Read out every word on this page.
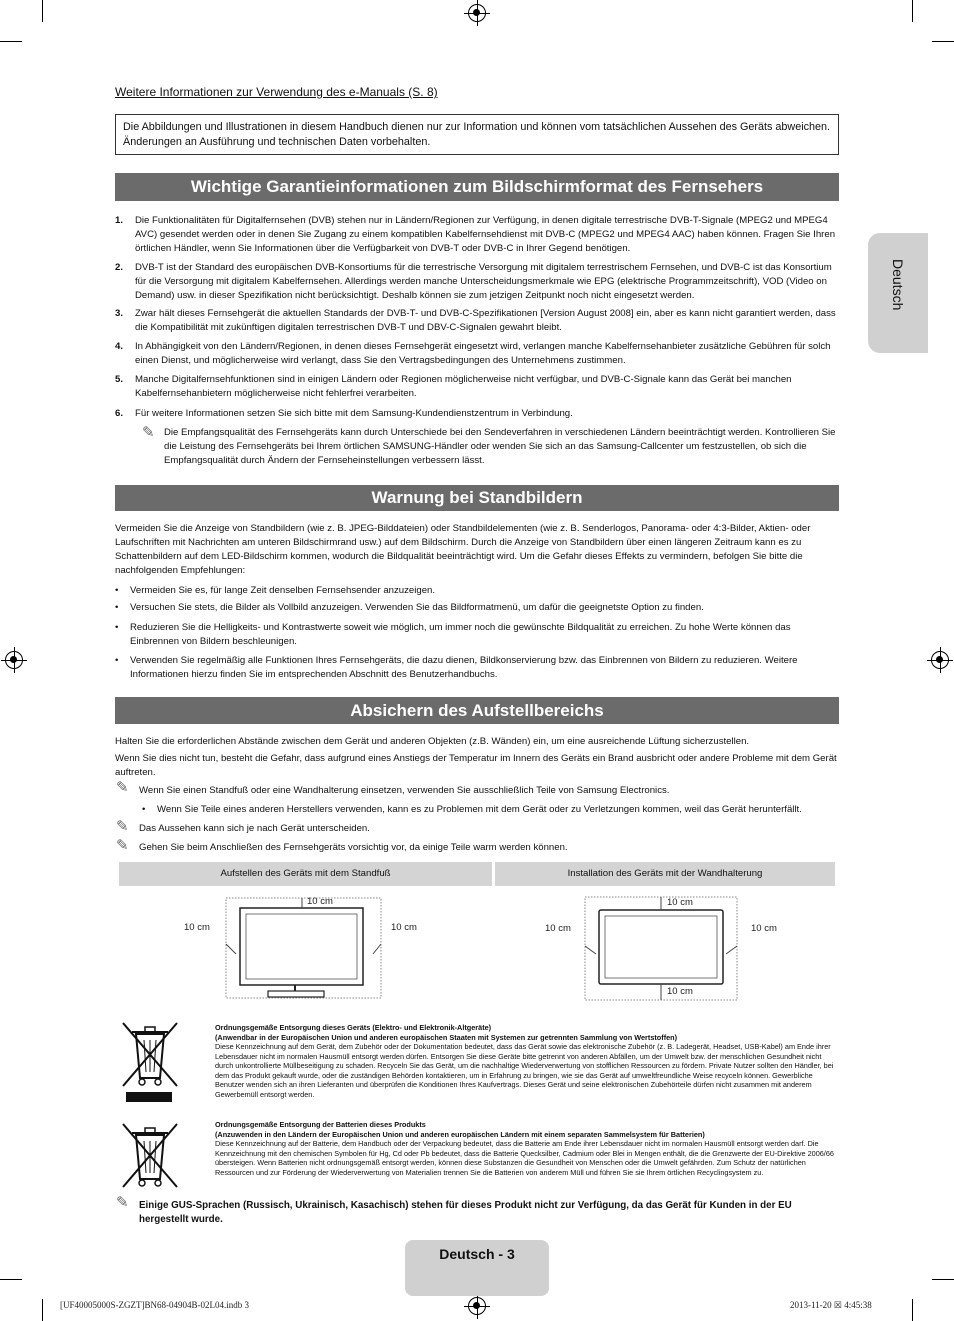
Weitere Informationen zur Verwendung des e-Manuals (S. 8)
Die Abbildungen und Illustrationen in diesem Handbuch dienen nur zur Information und können vom tatsächlichen Aussehen des Geräts abweichen. Änderungen an Ausführung und technischen Daten vorbehalten.
Deutsch
Wichtige Garantieinformationen zum Bildschirmformat des Fernsehers
1. Die Funktionalitäten für Digitalfernsehen (DVB) stehen nur in Ländern/Regionen zur Verfügung, in denen digitale terrestrische DVB-T-Signale (MPEG2 und MPEG4 AVC) gesendet werden oder in denen Sie Zugang zu einem kompatiblen Kabelfernsehdienst mit DVB-C (MPEG2 und MPEG4 AAC) haben können. Fragen Sie Ihren örtlichen Händler, wenn Sie Informationen über die Verfügbarkeit von DVB-T oder DVB-C in Ihrer Gegend benötigen.
2. DVB-T ist der Standard des europäischen DVB-Konsortiums für die terrestrische Versorgung mit digitalem terrestrischem Fernsehen, und DVB-C ist das Konsortium für die Versorgung mit digitalem Kabelfernsehen. Allerdings werden manche Unterscheidungsmerkmale wie EPG (elektrische Programmzeitschrift), VOD (Video on Demand) usw. in dieser Spezifikation nicht berücksichtigt. Deshalb können sie zum jetzigen Zeitpunkt noch nicht eingesetzt werden.
3. Zwar hält dieses Fernsehgerät die aktuellen Standards der DVB-T- und DVB-C-Spezifikationen [Version August 2008] ein, aber es kann nicht garantiert werden, dass die Kompatibilität mit zukünftigen digitalen terrestrischen DVB-T und DBV-C-Signalen gewahrt bleibt.
4. In Abhängigkeit von den Ländern/Regionen, in denen dieses Fernsehgerät eingesetzt wird, verlangen manche Kabelfernsehanbieter zusätzliche Gebühren für solch einen Dienst, und möglicherweise wird verlangt, dass Sie den Vertragsbedingungen des Unternehmens zustimmen.
5. Manche Digitalfernsehfunktionen sind in einigen Ländern oder Regionen möglicherweise nicht verfügbar, und DVB-C-Signale kann das Gerät bei manchen Kabelfernsehanbietern möglicherweise nicht fehlerfrei verarbeiten.
6. Für weitere Informationen setzen Sie sich bitte mit dem Samsung-Kundendienstzentrum in Verbindung.
✎ Die Empfangsqualität des Fernsehgeräts kann durch Unterschiede bei den Sendeverfahren in verschiedenen Ländern beeinträchtigt werden. Kontrollieren Sie die Leistung des Fernsehgeräts bei Ihrem örtlichen SAMSUNG-Händler oder wenden Sie sich an das Samsung-Callcenter um festzustellen, ob sich die Empfangsqualität durch Ändern der Fernseheinstellungen verbessern lässt.
Warnung bei Standbildern
Vermeiden Sie die Anzeige von Standbildern (wie z. B. JPEG-Bilddateien) oder Standbildelementen (wie z. B. Senderlogos, Panorama- oder 4:3-Bilder, Aktien- oder Laufschriften mit Nachrichten am unteren Bildschirmrand usw.) auf dem Bildschirm. Durch die Anzeige von Standbildern über einen längeren Zeitraum kann es zu Schattenbildern auf dem LED-Bildschirm kommen, wodurch die Bildqualität beeinträchtigt wird. Um die Gefahr dieses Effekts zu vermindern, befolgen Sie bitte die nachfolgenden Empfehlungen:
• Vermeiden Sie es, für lange Zeit denselben Fernsehsender anzuzeigen.
• Versuchen Sie stets, die Bilder als Vollbild anzuzeigen. Verwenden Sie das Bildformatmenü, um dafür die geeignetste Option zu finden.
• Reduzieren Sie die Helligkeits- und Kontrastwerte soweit wie möglich, um immer noch die gewünschte Bildqualität zu erreichen. Zu hohe Werte können das Einbrennen von Bildern beschleunigen.
• Verwenden Sie regelmäßig alle Funktionen Ihres Fernsehgeräts, die dazu dienen, Bildkonservierung bzw. das Einbrennen von Bildern zu reduzieren. Weitere Informationen hierzu finden Sie im entsprechenden Abschnitt des Benutzerhandbuchs.
Absichern des Aufstellbereichs
Halten Sie die erforderlichen Abstände zwischen dem Gerät und anderen Objekten (z.B. Wänden) ein, um eine ausreichende Lüftung sicherzustellen.
Wenn Sie dies nicht tun, besteht die Gefahr, dass aufgrund eines Anstiegs der Temperatur im Innern des Geräts ein Brand ausbricht oder andere Probleme mit dem Gerät auftreten.
✎ Wenn Sie einen Standfuß oder eine Wandhalterung einsetzen, verwenden Sie ausschließlich Teile von Samsung Electronics.
• Wenn Sie Teile eines anderen Herstellers verwenden, kann es zu Problemen mit dem Gerät oder zu Verletzungen kommen, weil das Gerät herunterfällt.
✎ Das Aussehen kann sich je nach Gerät unterscheiden.
✎ Gehen Sie beim Anschließen des Fernsehgeräts vorsichtig vor, da einige Teile warm werden können.
Aufstellen des Geräts mit dem Standfuß	Installation des Geräts mit der Wandhalterung
10 cm
10 cm	10 cm
10 cm
10 cm	10 cm
10 cm
Ordnungsgemäße Entsorgung dieses Geräts (Elektro- und Elektronik-Altgeräte)
(Anwendbar in der Europäischen Union und anderen europäischen Staaten mit Systemen zur getrennten Sammlung von Wertstoffen)
Diese Kennzeichnung auf dem Gerät, dem Zubehör oder der Dokumentation bedeutet, dass das Gerät sowie das elektronische Zubehör (z. B. Ladegerät, Headset, USB-Kabel) am Ende ihrer Lebensdauer nicht im normalen Hausmüll entsorgt werden dürfen. Entsorgen Sie diese Geräte bitte getrennt von anderen Abfällen, um der Umwelt bzw. der menschlichen Gesundheit nicht durch unkontrollierte Müllbeseitigung zu schaden. Recyceln Sie das Gerät, um die nachhaltige Wiederverwertung von stofflichen Ressourcen zu fördern. Private Nutzer sollten den Händler, bei dem das Produkt gekauft wurde, oder die zuständigen Behörden kontaktieren, um in Erfahrung zu bringen, wie sie das Gerät auf umweltfreundliche Weise recyceln können. Gewerbliche Benutzer wenden sich an ihren Lieferanten und überprüfen die Konditionen Ihres Kaufvertrags. Dieses Gerät und seine elektronischen Zubehörteile dürfen nicht zusammen mit anderem Gewerbemüll entsorgt werden.
Ordnungsgemäße Entsorgung der Batterien dieses Produkts
(Anzuwenden in den Ländern der Europäischen Union und anderen europäischen Ländern mit einem separaten Sammelsystem für Batterien)
Diese Kennzeichnung auf der Batterie, dem Handbuch oder der Verpackung bedeutet, dass die Batterie am Ende ihrer Lebensdauer nicht im normalen Hausmüll entsorgt werden darf. Die Kennzeichnung mit den chemischen Symbolen für Hg, Cd oder Pb bedeutet, dass die Batterie Quecksilber, Cadmium oder Blei in Mengen enthält, die die Grenzwerte der EU-Direktive 2006/66 übersteigen. Wenn Batterien nicht ordnungsgemäß entsorgt werden, können diese Substanzen die Gesundheit von Menschen oder die Umwelt gefährden. Zum Schutz der natürlichen Ressourcen und zur Förderung der Wiederverwertung von Materialien trennen Sie die Batterien von anderem Müll und führen Sie sie Ihrem örtlichen Recyclingsystem zu.
✎ Einige GUS-Sprachen (Russisch, Ukrainisch, Kasachisch) stehen für dieses Produkt nicht zur Verfügung, da das Gerät für Kunden in der EU hergestellt wurde.
Deutsch - 3
[UF40005000S-ZGZT]BN68-04904B-02L04.indb 3	2013-11-20 ☒ 4:45:38
